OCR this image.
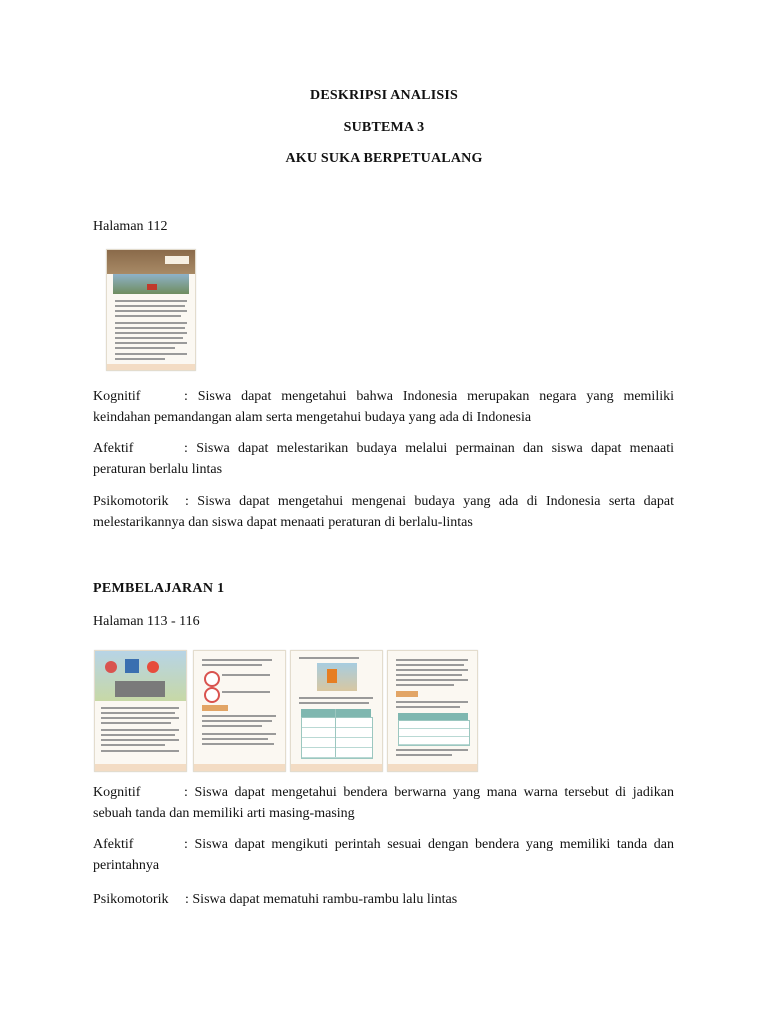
DESKRIPSI ANALISIS
SUBTEMA 3
AKU SUKA BERPETUALANG
Halaman 112
Kognitif	: Siswa dapat mengetahui bahwa Indonesia merupakan negara yang memiliki keindahan pemandangan alam serta mengetahui budaya yang ada di Indonesia
Afektif	: Siswa dapat melestarikan budaya melalui permainan dan siswa dapat menaati peraturan berlalu lintas
Psikomotorik : Siswa dapat mengetahui mengenai budaya yang ada di Indonesia serta dapat melestarikannya dan siswa dapat menaati peraturan di berlalu-lintas
PEMBELAJARAN 1
Halaman 113 - 116
Kognitif	: Siswa dapat mengetahui bendera berwarna yang mana warna tersebut di jadikan sebuah tanda dan memiliki arti masing-masing
Afektif	: Siswa dapat mengikuti perintah sesuai dengan bendera yang memiliki tanda dan perintahnya
Psikomotorik : Siswa dapat mematuhi rambu-rambu lalu lintas
